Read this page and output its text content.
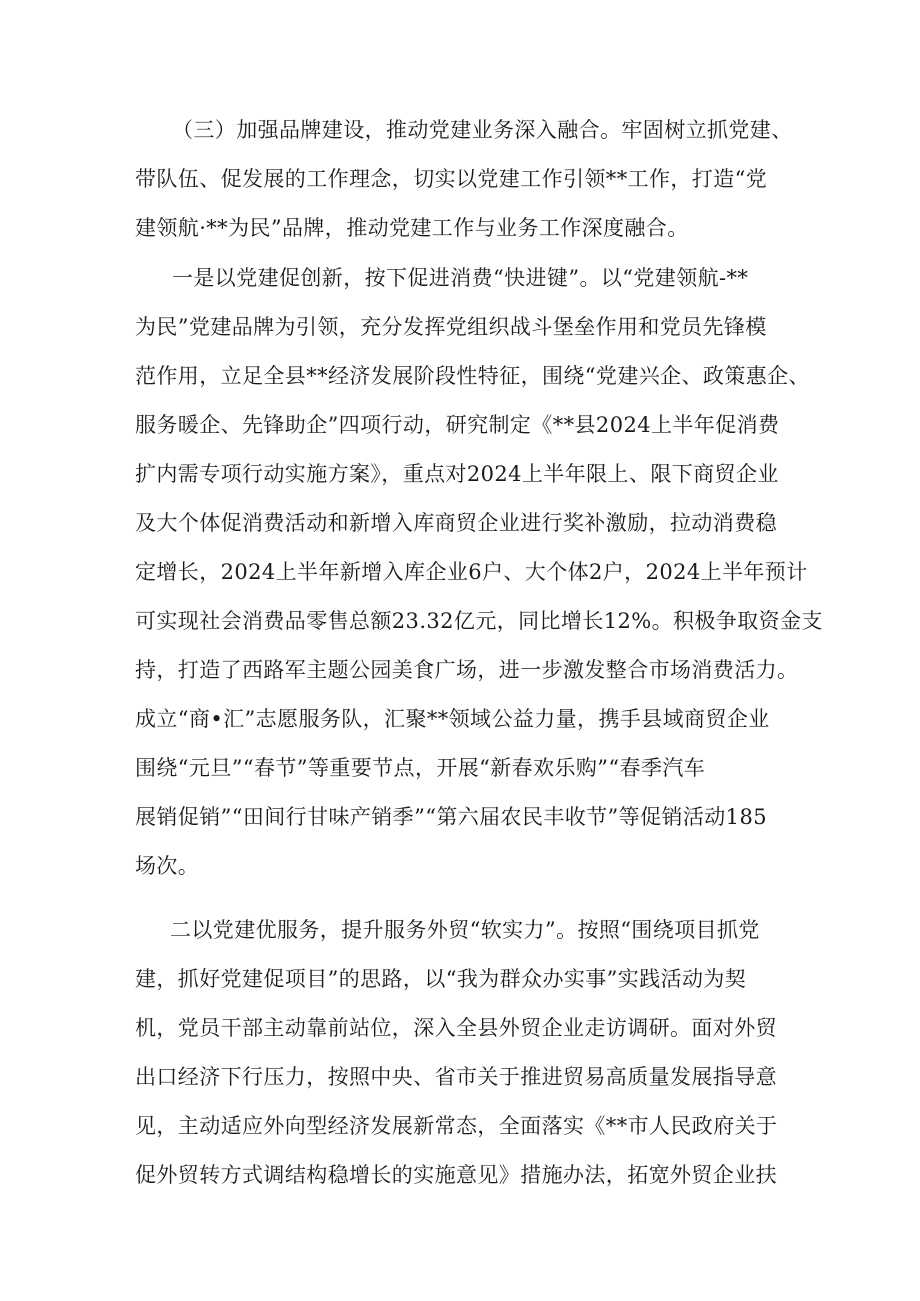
（三）加强品牌建设，推动党建业务深入融合。牢固树立抓党建、
带队伍、促发展的工作理念，切实以党建工作引领**工作，打造“党
建领航·**为民”品牌，推动党建工作与业务工作深度融合。
一是以党建促创新，按下促进消费“快进键”。以“党建领航-**
为民”党建品牌为引领，充分发挥党组织战斗堡垒作用和党员先锋模
范作用，立足全县**经济发展阶段性特征，围绕“党建兴企、政策惠企、
服务暖企、先锋助企”四项行动，研究制定《**县2024上半年促消费
扩内需专项行动实施方案》，重点对2024上半年限上、限下商贸企业
及大个体促消费活动和新增入库商贸企业进行奖补激励，拉动消费稳
定增长，2024上半年新增入库企业6户、大个体2户，2024上半年预计
可实现社会消费品零售总额23.32亿元，同比增长12%。积极争取资金支
持，打造了西路军主题公园美食广场，进一步激发整合市场消费活力。
成立“商•汇”志愿服务队，汇聚**领域公益力量，携手县域商贸企业
围绕“元旦”“春节”等重要节点，开展“新春欢乐购”“春季汽车
展销促销”“田间行甘味产销季”“第六届农民丰收节”等促销活动185
场次。
二以党建优服务，提升服务外贸“软实力”。按照“围绕项目抓党
建，抓好党建促项目”的思路，以“我为群众办实事”实践活动为契
机，党员干部主动靠前站位，深入全县外贸企业走访调研。面对外贸
出口经济下行压力，按照中央、省市关于推进贸易高质量发展指导意
见，主动适应外向型经济发展新常态，全面落实《**市人民政府关于
促外贸转方式调结构稳增长的实施意见》措施办法，拓宽外贸企业扶
